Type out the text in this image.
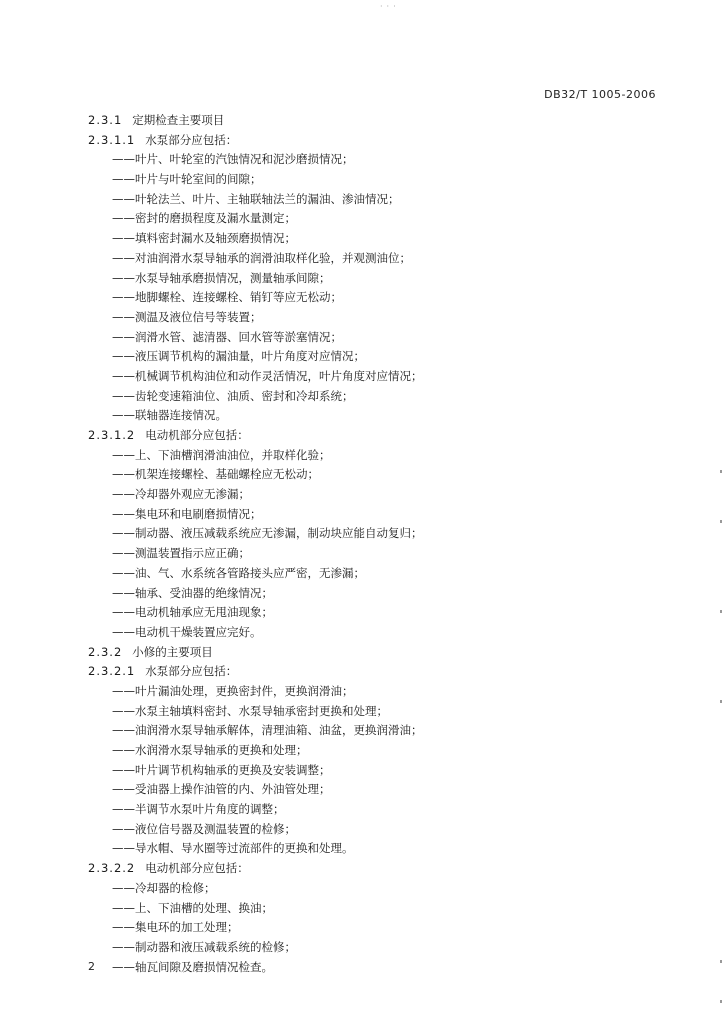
···
DB32/T 1005-2006
2.3.1 定期检查主要项目
2.3.1.1 水泵部分应包括：
——叶片、叶轮室的汽蚀情况和泥沙磨损情况；
——叶片与叶轮室间的间隙；
——叶轮法兰、叶片、主轴联轴法兰的漏油、渗油情况；
——密封的磨损程度及漏水量测定；
——填料密封漏水及轴颈磨损情况；
——对油润滑水泵导轴承的润滑油取样化验，并观测油位；
——水泵导轴承磨损情况，测量轴承间隙；
——地脚螺栓、连接螺栓、销钉等应无松动；
——测温及液位信号等装置；
——润滑水管、滤清器、回水管等淤塞情况；
——液压调节机构的漏油量，叶片角度对应情况；
——机械调节机构油位和动作灵活情况，叶片角度对应情况；
——齿轮变速箱油位、油质、密封和冷却系统；
——联轴器连接情况。
2.3.1.2 电动机部分应包括：
——上、下油槽润滑油油位，并取样化验；
——机架连接螺栓、基础螺栓应无松动；
——冷却器外观应无渗漏；
——集电环和电刷磨损情况；
——制动器、液压减载系统应无渗漏，制动块应能自动复归；
——测温装置指示应正确；
——油、气、水系统各管路接头应严密，无渗漏；
——轴承、受油器的绝缘情况；
——电动机轴承应无甩油现象；
——电动机干燥装置应完好。
2.3.2 小修的主要项目
2.3.2.1 水泵部分应包括：
——叶片漏油处理，更换密封件，更换润滑油；
——水泵主轴填料密封、水泵导轴承密封更换和处理；
——油润滑水泵导轴承解体，清理油箱、油盆，更换润滑油；
——水润滑水泵导轴承的更换和处理；
——叶片调节机构轴承的更换及安装调整；
——受油器上操作油管的内、外油管处理；
——半调节水泵叶片角度的调整；
——液位信号器及测温装置的检修；
——导水帽、导水圈等过流部件的更换和处理。
2.3.2.2 电动机部分应包括：
——冷却器的检修；
——上、下油槽的处理、换油；
——集电环的加工处理；
——制动器和液压减载系统的检修；
——轴瓦间隙及磨损情况检查。
2
